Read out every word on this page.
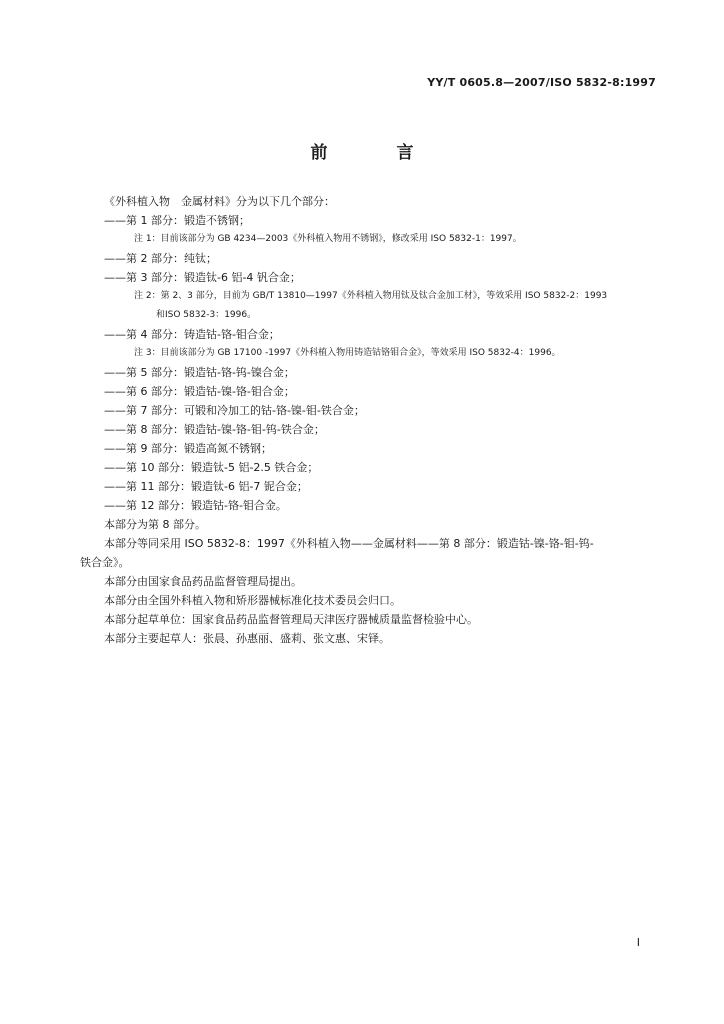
YY/T 0605.8—2007/ISO 5832-8:1997
前　言
《外科植入物　金属材料》分为以下几个部分：
——第 1 部分：锻造不锈钢；
注 1：目前该部分为 GB 4234—2003《外科植入物用不锈钢》，修改采用 ISO 5832-1：1997。
——第 2 部分：纯钛；
——第 3 部分：锻造钛-6 铝-4 钒合金；
注 2：第 2、3 部分，目前为 GB/T 13810—1997《外科植入物用钛及钛合金加工材》，等效采用 ISO 5832-2：1993
和ISO 5832-3：1996。
——第 4 部分：铸造钴-铬-钼合金；
注 3：目前该部分为 GB 17100 -1997《外科植入物用铸造钴铬钼合金》，等效采用 ISO 5832-4：1996。
——第 5 部分：锻造钴-铬-钨-镍合金；
——第 6 部分：锻造钴-镍-铬-钼合金；
——第 7 部分：可锻和冷加工的钴-铬-镍-钼-铁合金；
——第 8 部分：锻造钴-镍-铬-钼-钨-铁合金；
——第 9 部分：锻造高氮不锈钢；
——第 10 部分：锻造钛-5 铝-2.5 铁合金；
——第 11 部分：锻造钛-6 铝-7 铌合金；
——第 12 部分：锻造钴-铬-钼合金。
本部分为第 8 部分。
本部分等同采用 ISO 5832-8：1997《外科植入物——金属材料——第 8 部分：锻造钴-镍-铬-钼-钨-
铁合金》。
本部分由国家食品药品监督管理局提出。
本部分由全国外科植入物和矫形器械标准化技术委员会归口。
本部分起草单位：国家食品药品监督管理局天津医疗器械质量监督检验中心。
本部分主要起草人：张晨、孙惠丽、盛莉、张文惠、宋铎。
I
